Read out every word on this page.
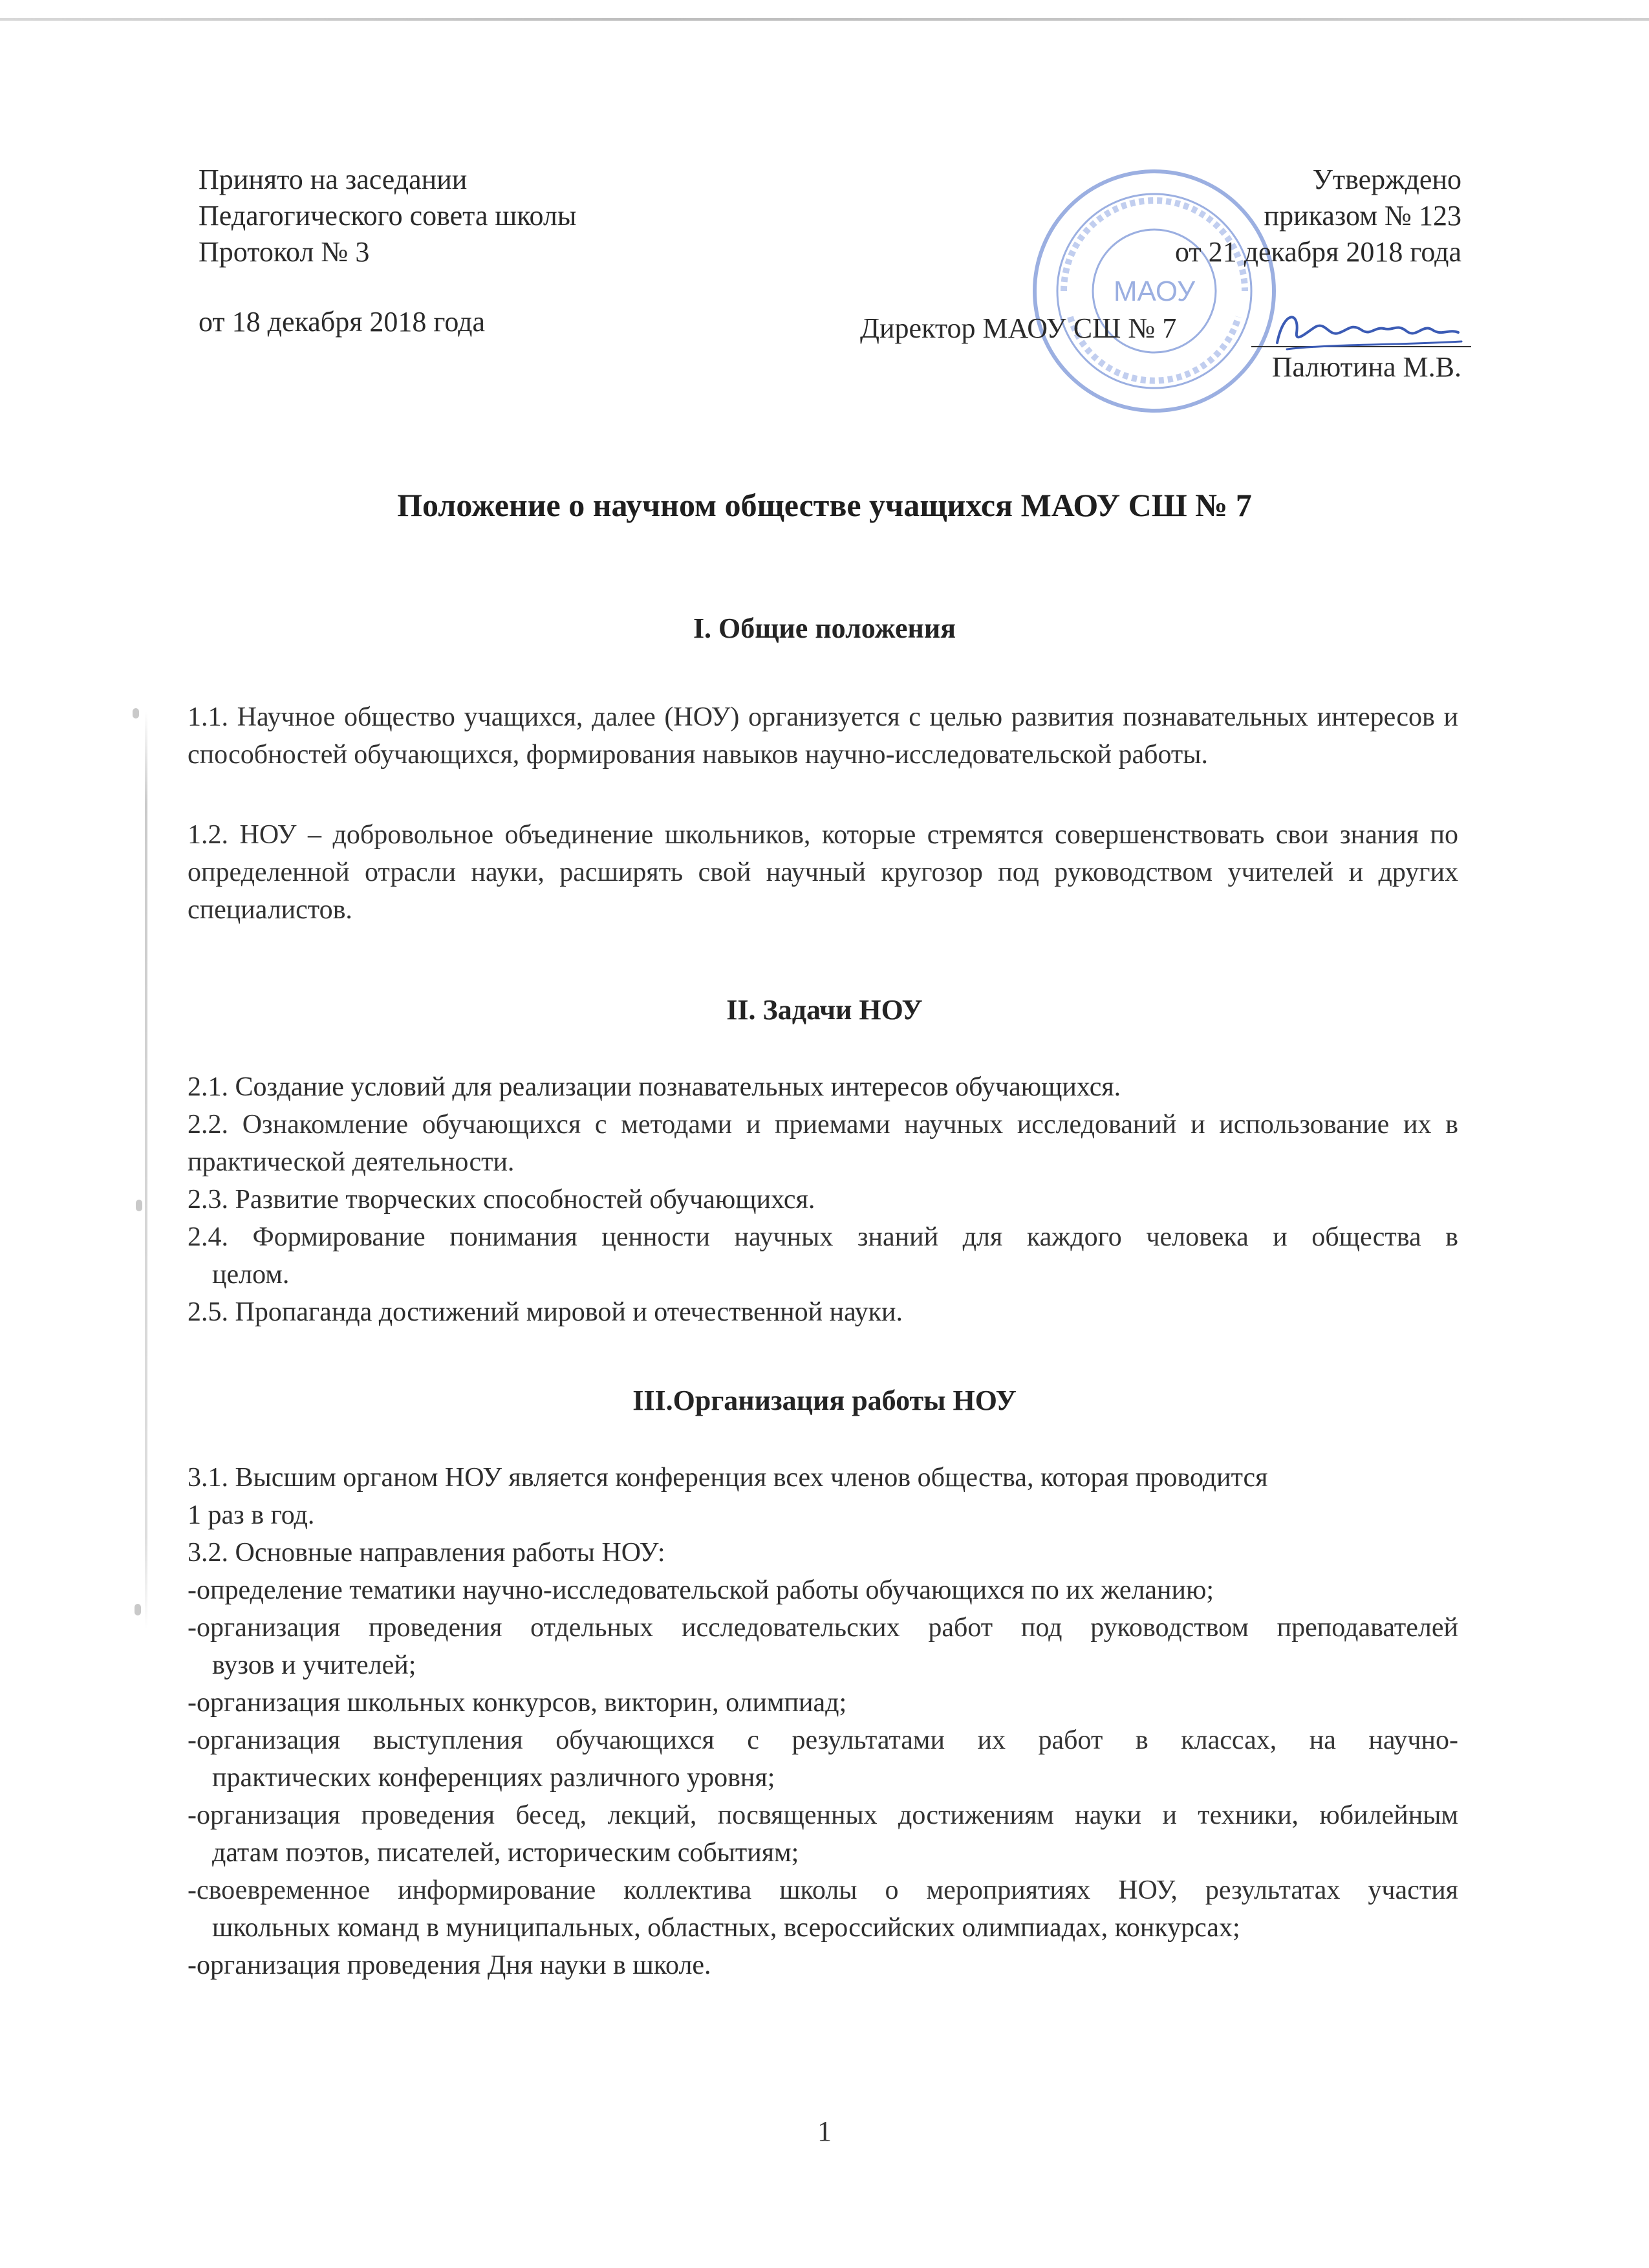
МАОУ
Принято на заседании
Педагогического совета школы
Протокол № 3
от 18 декабря 2018 года
Утверждено
приказом № 123
от 21 декабря 2018 года
Директор МАОУ СШ № 7
Палютина М.В.
Положение о научном обществе учащихся МАОУ СШ № 7
I. Общие положения
1.1. Научное общество учащихся, далее (НОУ) организуется с целью развития познавательных интересов и способностей обучающихся, формирования навыков научно-исследовательской работы.
1.2. НОУ – добровольное объединение школьников, которые стремятся совершенствовать свои знания по определенной отрасли науки, расширять свой научный кругозор под руководством учителей и других специалистов.
II. Задачи НОУ
2.1. Создание условий для реализации познавательных интересов обучающихся.
2.2. Ознакомление обучающихся с методами и приемами научных исследований и использование их в практической деятельности.
2.3. Развитие творческих способностей обучающихся.
2.4. Формирование понимания ценности научных знаний для каждого человека и общества в
целом.
2.5. Пропаганда достижений мировой и отечественной науки.
III.Организация работы НОУ
3.1. Высшим органом НОУ является конференция всех членов общества, которая проводится
1 раз в год.
3.2. Основные направления работы НОУ:
-определение тематики научно-исследовательской работы обучающихся по их желанию;
-организация проведения отдельных исследовательских работ под руководством преподавателей
вузов и учителей;
-организация школьных конкурсов, викторин, олимпиад;
-организация выступления обучающихся с результатами их работ в классах, на научно-
практических конференциях различного уровня;
-организация проведения бесед, лекций, посвященных достижениям науки и техники, юбилейным
датам поэтов, писателей, историческим событиям;
-своевременное информирование коллектива школы о мероприятиях НОУ, результатах участия
школьных команд в муниципальных, областных, всероссийских олимпиадах, конкурсах;
-организация проведения Дня науки в школе.
1
